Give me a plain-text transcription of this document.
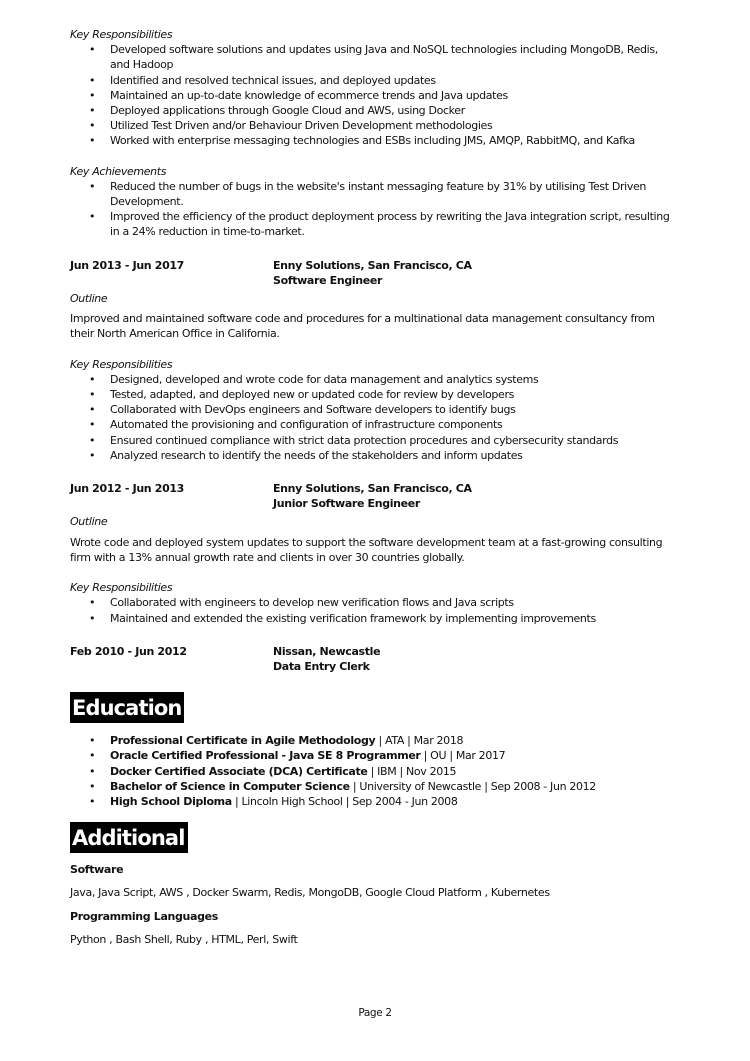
Key Responsibilities

• Developed software solutions and updates using Java and NoSQL technologies including MongoDB, Redis, and Hadoop
• Identified and resolved technical issues, and deployed updates
• Maintained an up-to-date knowledge of ecommerce trends and Java updates
• Deployed applications through Google Cloud and AWS, using Docker
• Utilized Test Driven and/or Behaviour Driven Development methodologies
• Worked with enterprise messaging technologies and ESBs including JMS, AMQP, RabbitMQ, and Kafka

Key Achievements

• Reduced the number of bugs in the website's instant messaging feature by 31% by utilising Test Driven Development.
• Improved the efficiency of the product deployment process by rewriting the Java integration script, resulting in a 24% reduction in time-to-market.
Jun 2013 - Jun 2017	Enny Solutions, San Francisco, CA
Software Engineer

Outline

Improved and maintained software code and procedures for a multinational data management consultancy from their North American Office in California.

Key Responsibilities

• Designed, developed and wrote code for data management and analytics systems
• Tested, adapted, and deployed new or updated code for review by developers
• Collaborated with DevOps engineers and Software developers to identify bugs
• Automated the provisioning and configuration of infrastructure components
• Ensured continued compliance with strict data protection procedures and cybersecurity standards
• Analyzed research to identify the needs of the stakeholders and inform updates
Jun 2012 - Jun 2013	Enny Solutions, San Francisco, CA
Junior Software Engineer

Outline

Wrote code and deployed system updates to support the software development team at a fast-growing consulting firm with a 13% annual growth rate and clients in over 30 countries globally.

Key Responsibilities

• Collaborated with engineers to develop new verification flows and Java scripts
• Maintained and extended the existing verification framework by implementing improvements
Feb 2010 - Jun 2012	Nissan, Newcastle
Data Entry Clerk
Education
• Professional Certificate in Agile Methodology | ATA | Mar 2018
• Oracle Certified Professional - Java SE 8 Programmer | OU | Mar 2017
• Docker Certified Associate (DCA) Certificate | IBM | Nov 2015
• Bachelor of Science in Computer Science | University of Newcastle | Sep 2008 - Jun 2012
• High School Diploma | Lincoln High School | Sep 2004 - Jun 2008
Additional

Software

Java, Java Script, AWS , Docker Swarm, Redis, MongoDB, Google Cloud Platform , Kubernetes

Programming Languages

Python , Bash Shell, Ruby , HTML, Perl, Swift

Page 2
